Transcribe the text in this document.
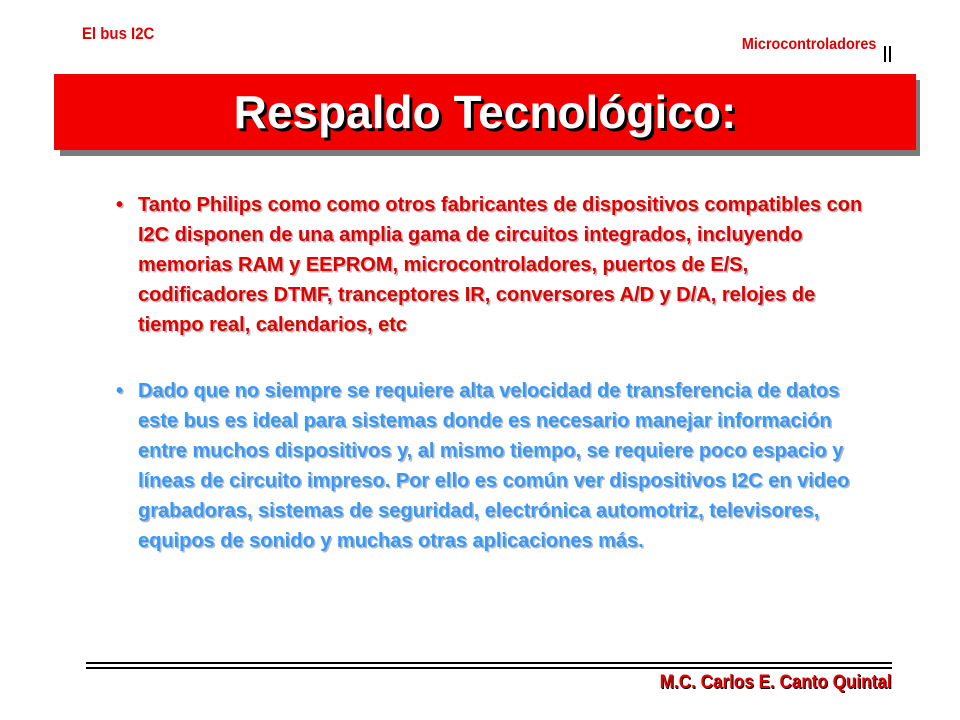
El bus I2C
Microcontroladores
Respaldo Tecnológico:
• Tanto Philips como como otros fabricantes de dispositivos compatibles con I2C disponen de una amplia gama de circuitos integrados, incluyendo memorias RAM y EEPROM, microcontroladores, puertos de E/S, codificadores DTMF, tranceptores IR, conversores A/D y D/A, relojes de tiempo real, calendarios, etc
• Dado que no siempre se requiere alta velocidad de transferencia de datos este bus es ideal para sistemas donde es necesario manejar información entre muchos dispositivos y, al mismo tiempo, se requiere poco espacio y líneas de circuito impreso. Por ello es común ver dispositivos I2C en video grabadoras, sistemas de seguridad, electrónica automotriz, televisores, equipos de sonido y muchas otras aplicaciones más.
M.C. Carlos E. Canto Quintal
